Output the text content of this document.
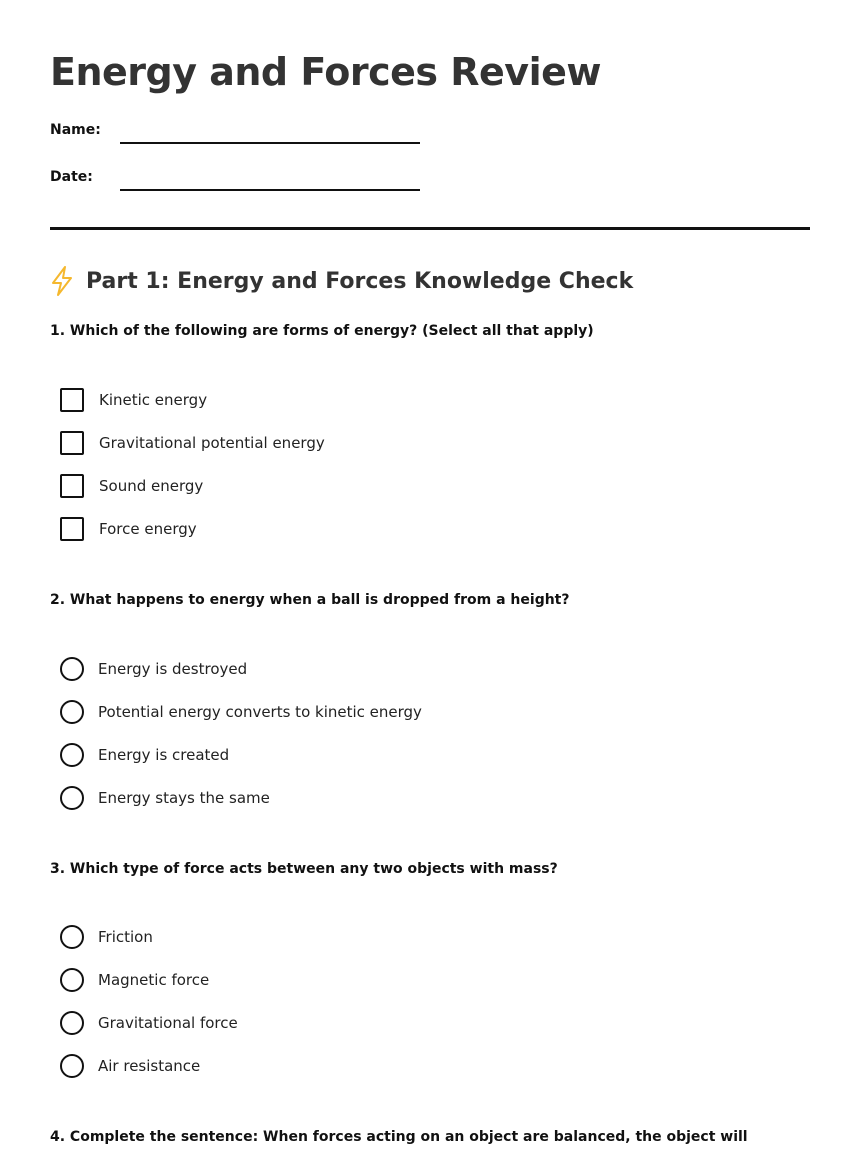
Energy and Forces Review
Name:
Date:
Part 1: Energy and Forces Knowledge Check
1. Which of the following are forms of energy? (Select all that apply)
Kinetic energy
Gravitational potential energy
Sound energy
Force energy
2. What happens to energy when a ball is dropped from a height?
Energy is destroyed
Potential energy converts to kinetic energy
Energy is created
Energy stays the same
3. Which type of force acts between any two objects with mass?
Friction
Magnetic force
Gravitational force
Air resistance
4. Complete the sentence: When forces acting on an object are balanced, the object will
